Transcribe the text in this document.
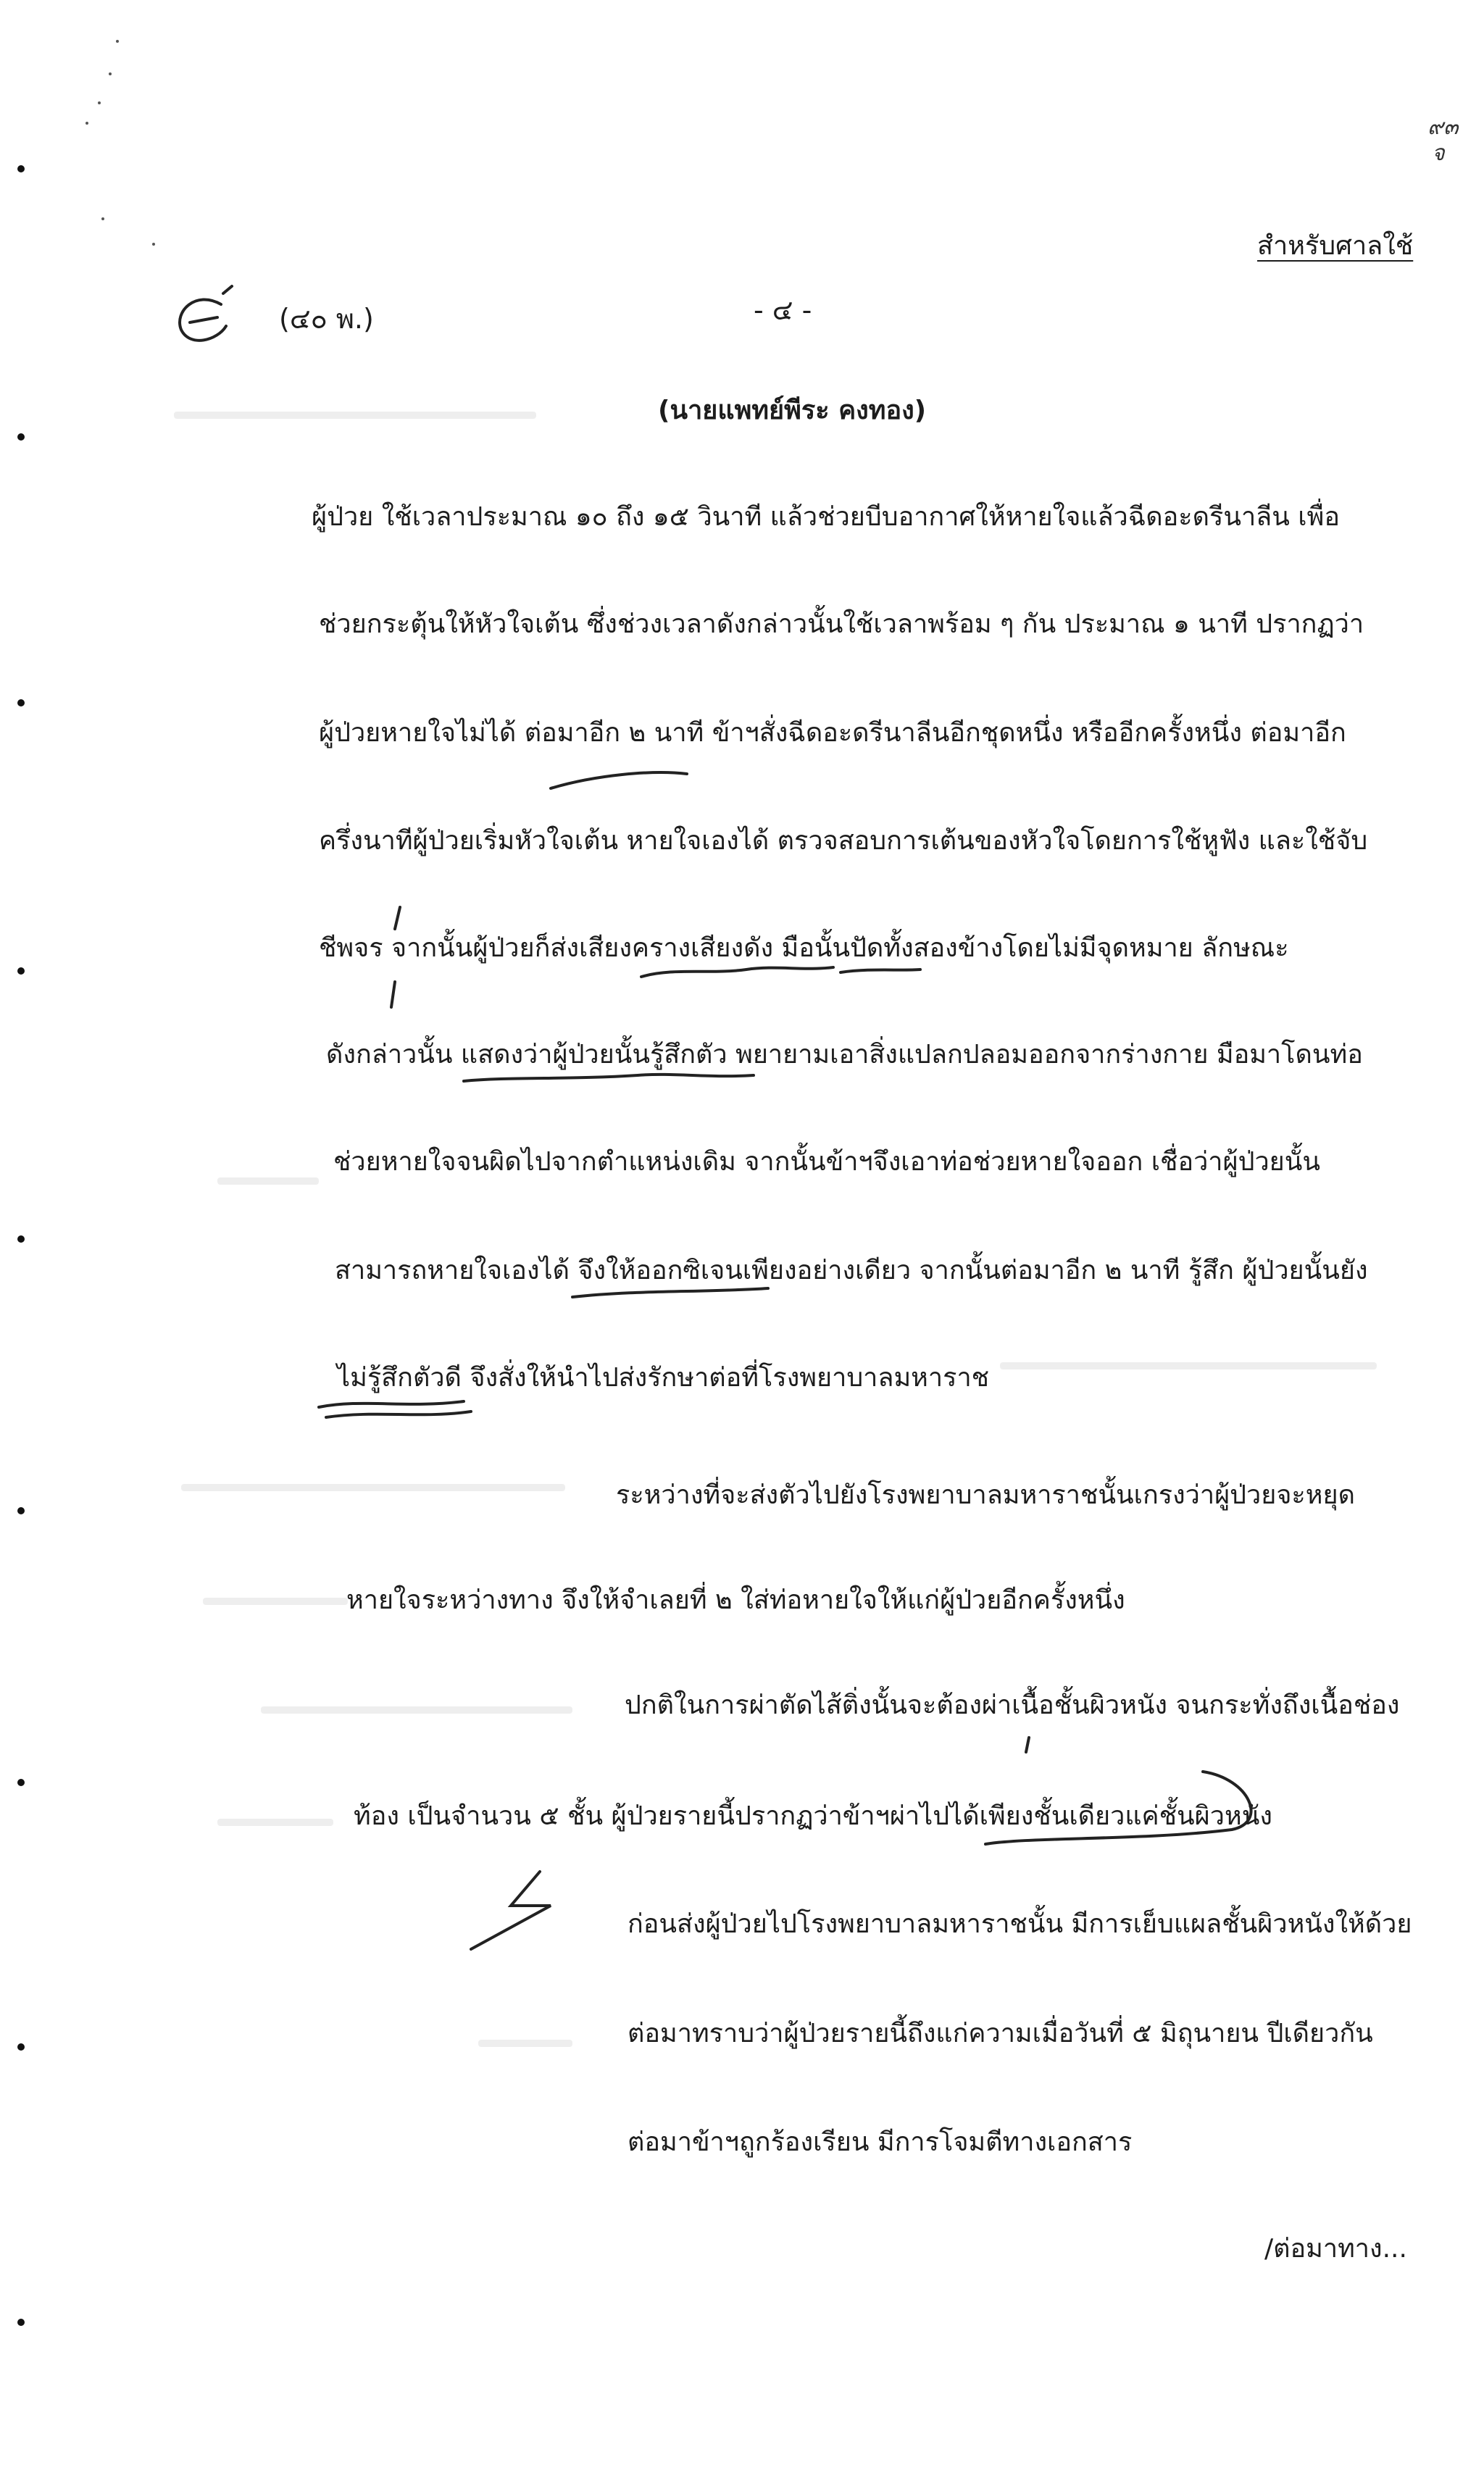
๙๓
จ
สำหรับศาลใช้
(๔๐ พ.)	- ๔ -
(นายแพทย์พีระ คงทอง)
ผู้ป่วย ใช้เวลาประมาณ ๑๐ ถึง ๑๕ วินาที แล้วช่วยบีบอากาศให้หายใจแล้วฉีดอะดรีนาลีน เพื่อ
ช่วยกระตุ้นให้หัวใจเต้น ซึ่งช่วงเวลาดังกล่าวนั้นใช้เวลาพร้อม ๆ กัน ประมาณ ๑ นาที ปรากฏว่า
ผู้ป่วยหายใจไม่ได้ ต่อมาอีก ๒ นาที ข้าฯสั่งฉีดอะดรีนาลีนอีกชุดหนึ่ง หรืออีกครั้งหนึ่ง ต่อมาอีก
ครึ่งนาทีผู้ป่วยเริ่มหัวใจเต้น หายใจเองได้ ตรวจสอบการเต้นของหัวใจโดยการใช้หูฟัง และใช้จับ
ชีพจร จากนั้นผู้ป่วยก็ส่งเสียงครางเสียงดัง มือนั้นปัดทั้งสองข้างโดยไม่มีจุดหมาย ลักษณะ
ดังกล่าวนั้น แสดงว่าผู้ป่วยนั้นรู้สึกตัว พยายามเอาสิ่งแปลกปลอมออกจากร่างกาย มือมาโดนท่อ
ช่วยหายใจจนผิดไปจากตำแหน่งเดิม จากนั้นข้าฯจึงเอาท่อช่วยหายใจออก เชื่อว่าผู้ป่วยนั้น
สามารถหายใจเองได้ จึงให้ออกซิเจนเพียงอย่างเดียว จากนั้นต่อมาอีก ๒ นาที รู้สึก ผู้ป่วยนั้นยัง
ไม่รู้สึกตัวดี จึงสั่งให้นำไปส่งรักษาต่อที่โรงพยาบาลมหาราช
ระหว่างที่จะส่งตัวไปยังโรงพยาบาลมหาราชนั้นเกรงว่าผู้ป่วยจะหยุด
หายใจระหว่างทาง จึงให้จำเลยที่ ๒ ใส่ท่อหายใจให้แก่ผู้ป่วยอีกครั้งหนึ่ง
ปกติในการผ่าตัดไส้ติ่งนั้นจะต้องผ่าเนื้อชั้นผิวหนัง จนกระทั่งถึงเนื้อช่อง
ท้อง เป็นจำนวน ๕ ชั้น ผู้ป่วยรายนี้ปรากฏว่าข้าฯผ่าไปได้เพียงชั้นเดียวแค่ชั้นผิวหนัง
ก่อนส่งผู้ป่วยไปโรงพยาบาลมหาราชนั้น มีการเย็บแผลชั้นผิวหนังให้ด้วย
ต่อมาทราบว่าผู้ป่วยรายนี้ถึงแก่ความเมื่อวันที่ ๕ มิถุนายน ปีเดียวกัน
ต่อมาข้าฯถูกร้องเรียน มีการโจมตีทางเอกสาร
/ต่อมาทาง...
